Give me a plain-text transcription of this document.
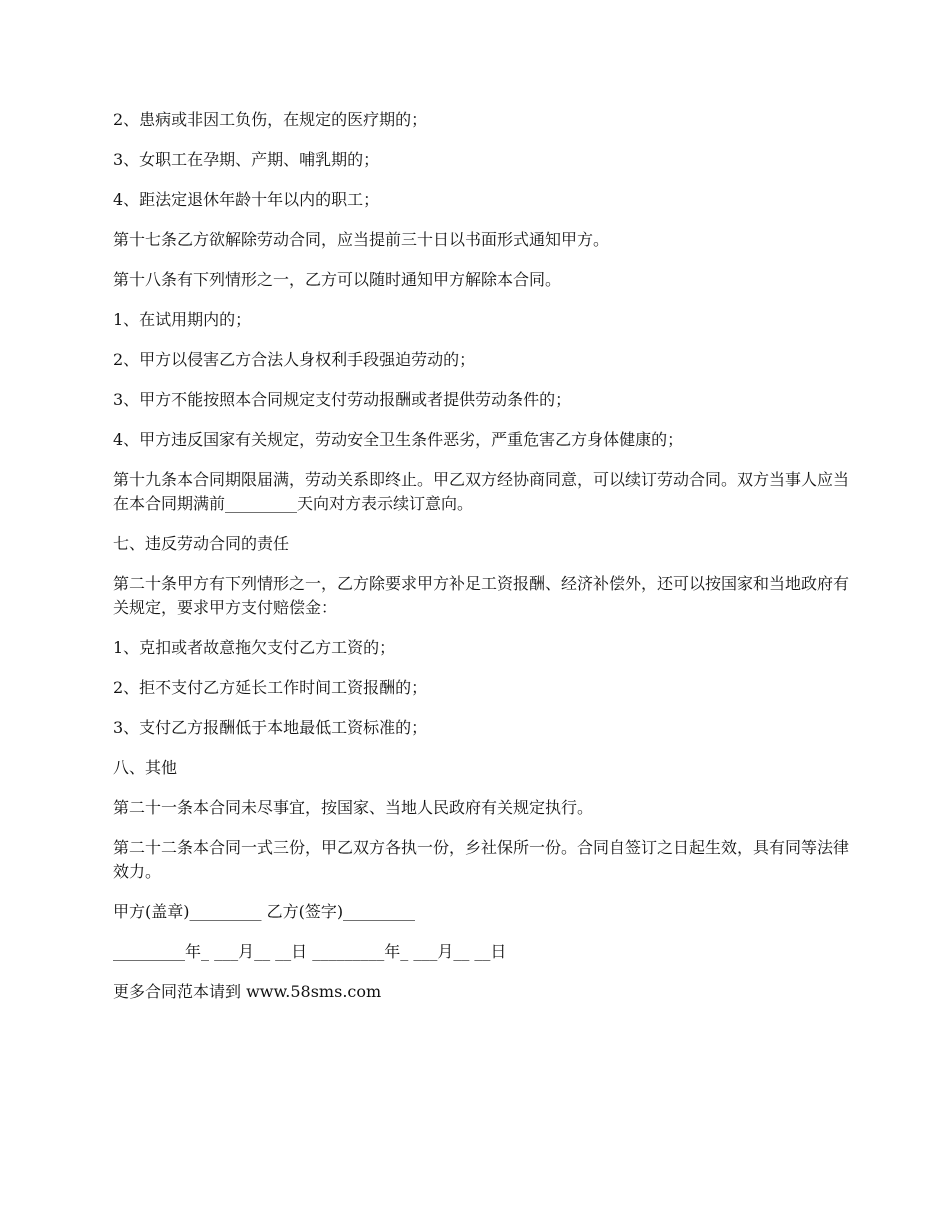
2、患病或非因工负伤，在规定的医疗期的；

3、女职工在孕期、产期、哺乳期的；

4、距法定退休年龄十年以内的职工；

第十七条乙方欲解除劳动合同，应当提前三十日以书面形式通知甲方。

第十八条有下列情形之一，乙方可以随时通知甲方解除本合同。

1、在试用期内的；

2、甲方以侵害乙方合法人身权利手段强迫劳动的；

3、甲方不能按照本合同规定支付劳动报酬或者提供劳动条件的；

4、甲方违反国家有关规定，劳动安全卫生条件恶劣，严重危害乙方身体健康的；

第十九条本合同期限届满，劳动关系即终止。甲乙双方经协商同意，可以续订劳动合同。双方当事人应当在本合同期满前_________天向对方表示续订意向。

七、违反劳动合同的责任

第二十条甲方有下列情形之一，乙方除要求甲方补足工资报酬、经济补偿外，还可以按国家和当地政府有关规定，要求甲方支付赔偿金：

1、克扣或者故意拖欠支付乙方工资的；

2、拒不支付乙方延长工作时间工资报酬的；

3、支付乙方报酬低于本地最低工资标准的；

八、其他

第二十一条本合同未尽事宜，按国家、当地人民政府有关规定执行。

第二十二条本合同一式三份，甲乙双方各执一份，乡社保所一份。合同自签订之日起生效，具有同等法律效力。

甲方(盖章)_________ 乙方(签字)_________

_________年_ ___月__ __日 _________年_ ___月__ __日

更多合同范本请到 www.58sms.com
